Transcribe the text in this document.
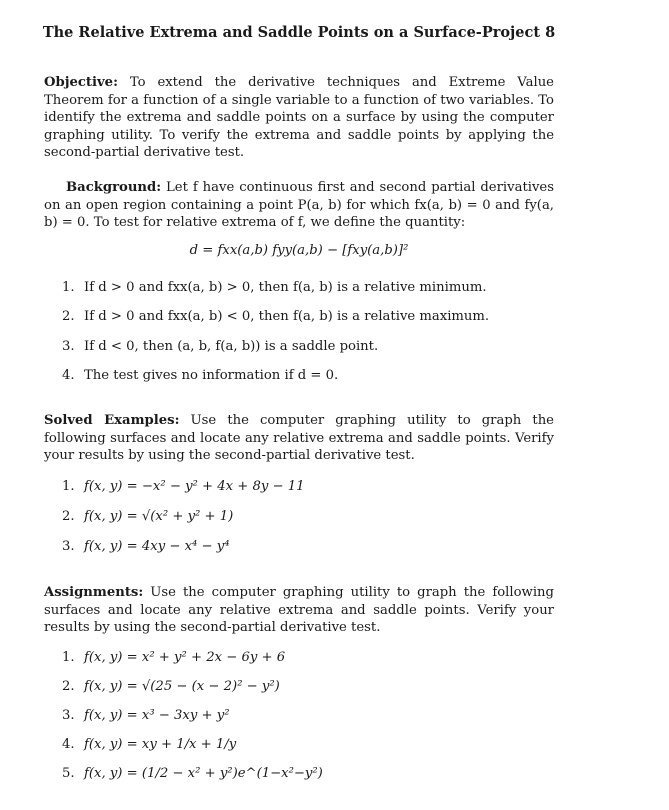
The Relative Extrema and Saddle Points on a Surface-Project 8
Objective: To extend the derivative techniques and Extreme Value Theorem for a function of a single variable to a function of two variables. To identify the extrema and saddle points on a surface by using the computer graphing utility. To verify the extrema and saddle points by applying the second-partial derivative test.
Background: Let f have continuous first and second partial derivatives on an open region containing a point P(a, b) for which fx(a, b) = 0 and fy(a, b) = 0. To test for relative extrema of f, we define the quantity:
d = fxx(a,b) fyy(a,b) − [fxy(a,b)]²
1. If d > 0 and fxx(a, b) > 0, then f(a, b) is a relative minimum.
2. If d > 0 and fxx(a, b) < 0, then f(a, b) is a relative maximum.
3. If d < 0, then (a, b, f(a, b)) is a saddle point.
4. The test gives no information if d = 0.
Solved Examples: Use the computer graphing utility to graph the following surfaces and locate any relative extrema and saddle points. Verify your results by using the second-partial derivative test.
1. f(x, y) = −x² − y² + 4x + 8y − 11
2. f(x, y) = √(x² + y² + 1)
3. f(x, y) = 4xy − x⁴ − y⁴
Assignments: Use the computer graphing utility to graph the following surfaces and locate any relative extrema and saddle points. Verify your results by using the second-partial derivative test.
1. f(x, y) = x² + y² + 2x − 6y + 6
2. f(x, y) = √(25 − (x − 2)² − y²)
3. f(x, y) = x³ − 3xy + y²
4. f(x, y) = xy + 1/x + 1/y
5. f(x, y) = (1/2 − x² + y²)e^(1−x²−y²)
